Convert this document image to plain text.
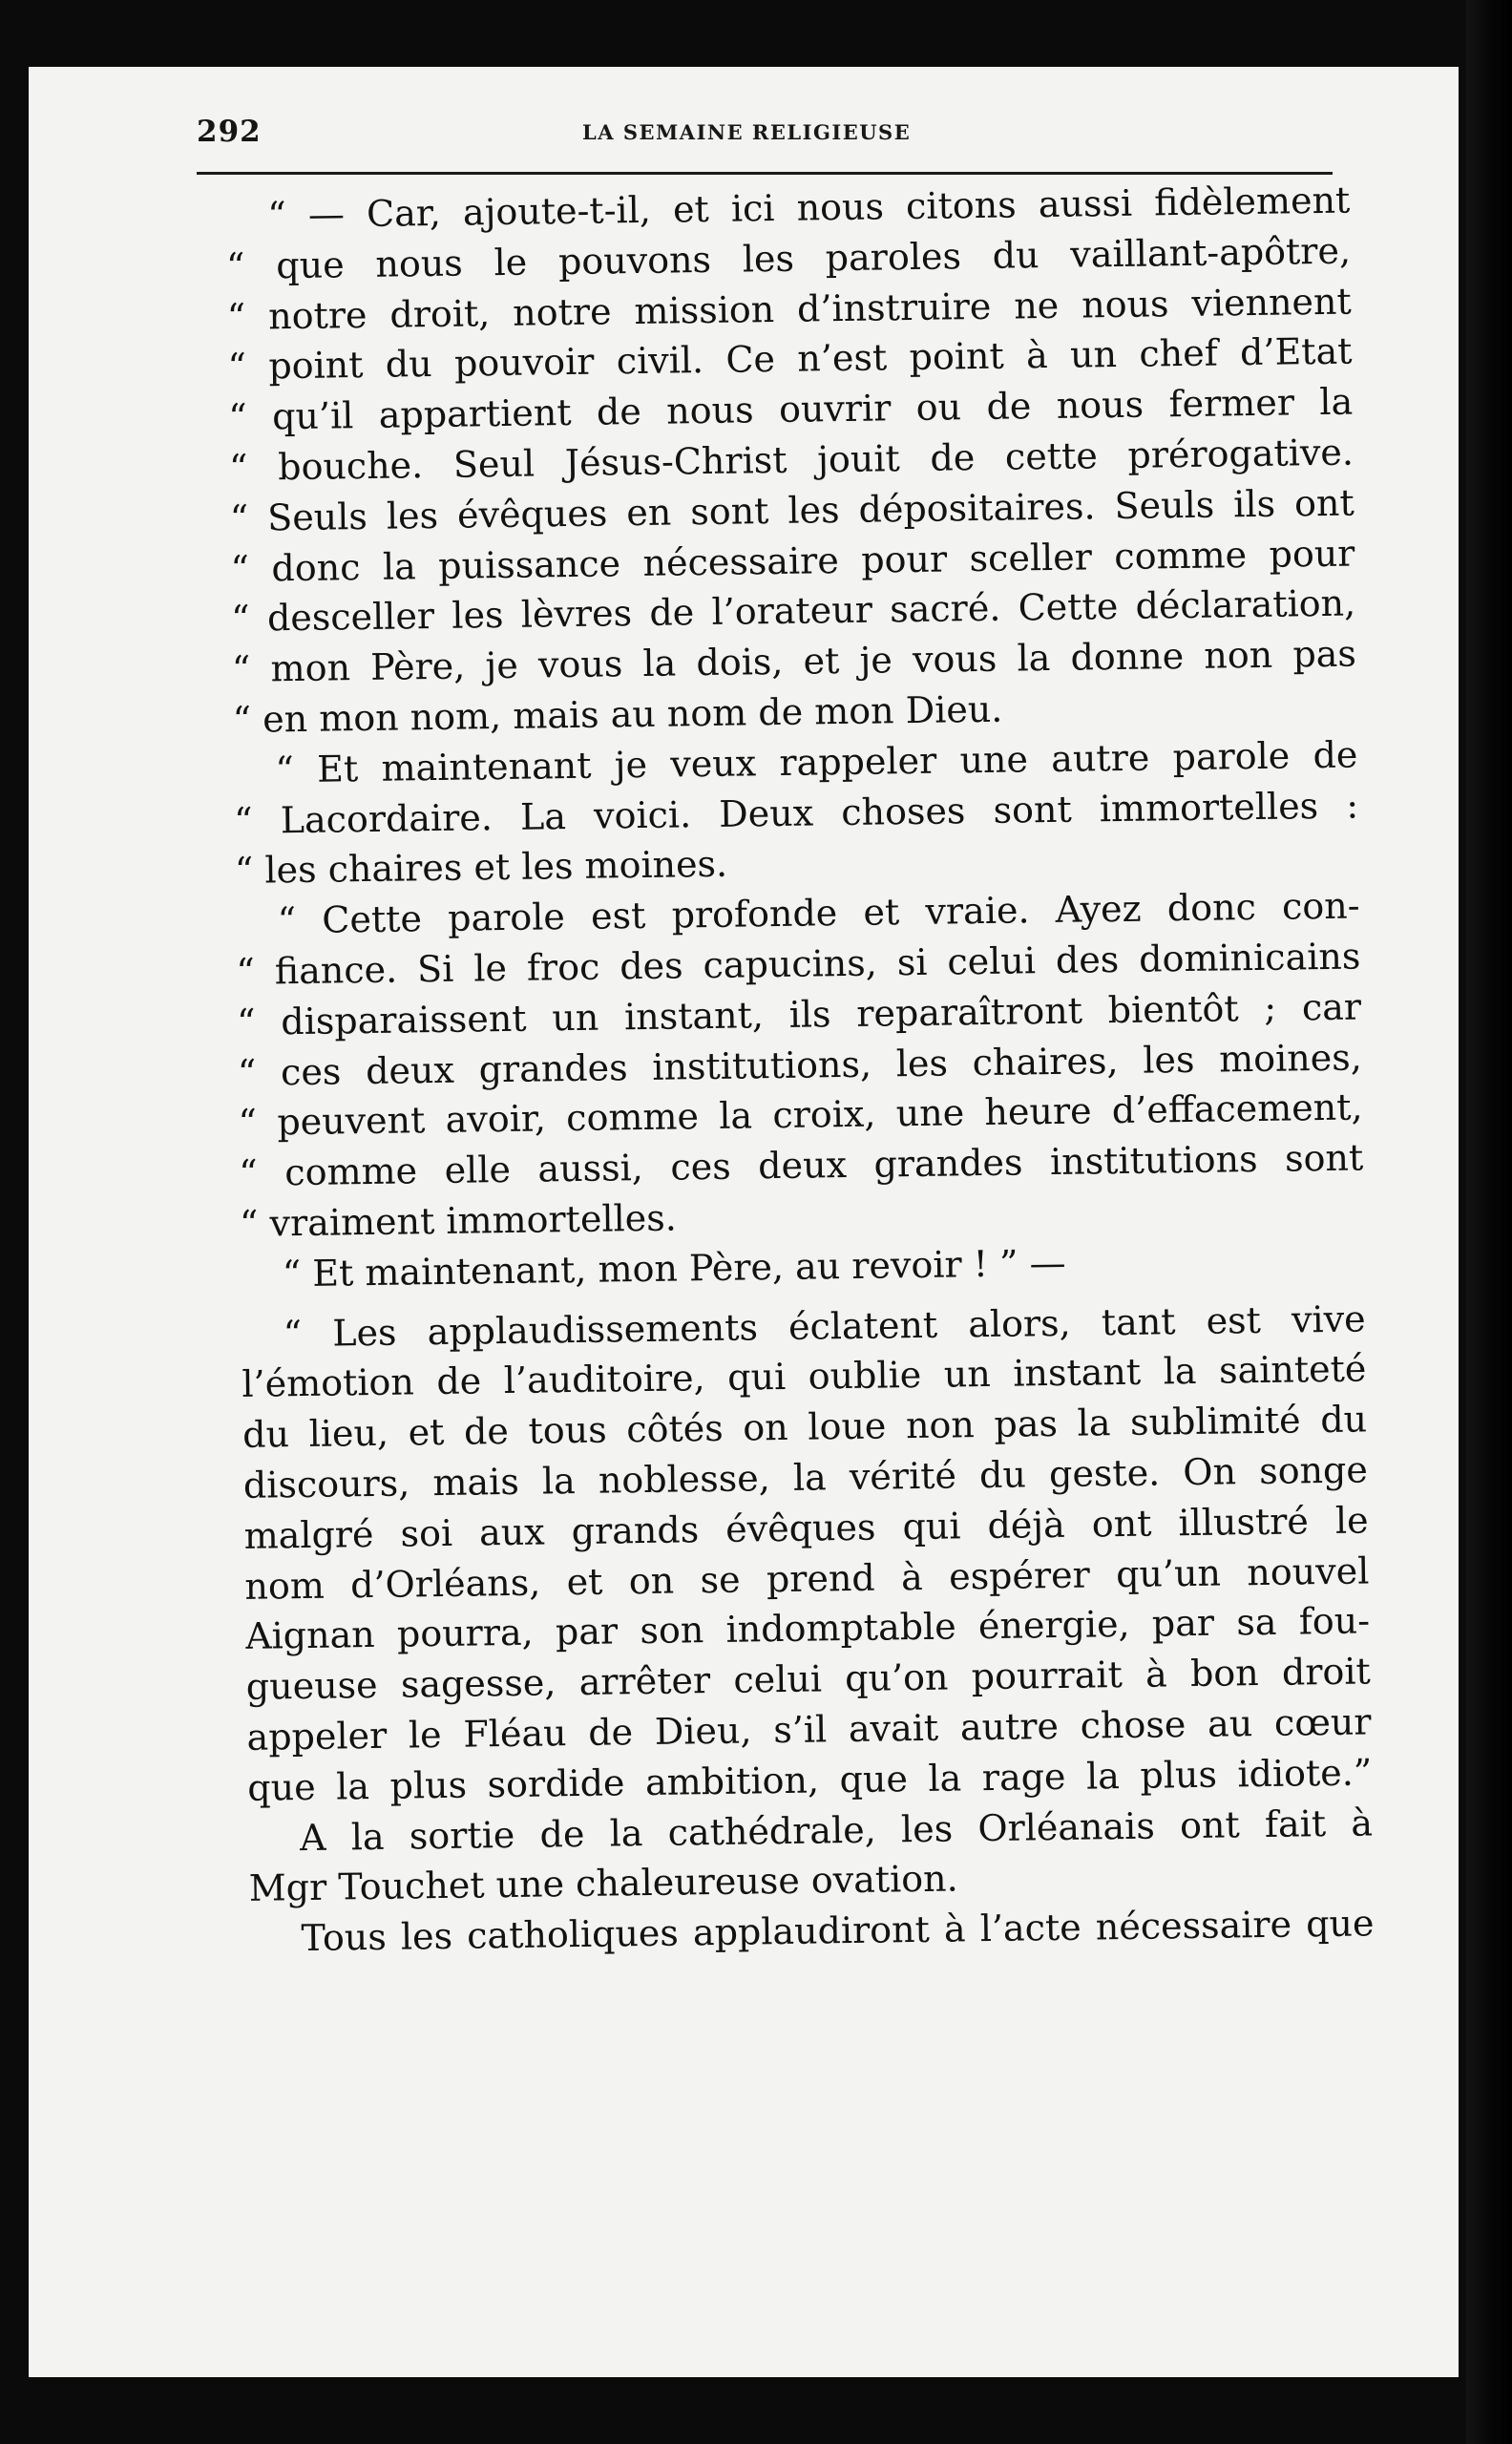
292	LA SEMAINE RELIGIEUSE
“ — Car, ajoute-t-il, et ici nous citons aussi fidèlement
“ que nous le pouvons les paroles du vaillant-apôtre,
“ notre droit, notre mission d’instruire ne nous viennent
“ point du pouvoir civil. Ce n’est point à un chef d’Etat
“ qu’il appartient de nous ouvrir ou de nous fermer la
“ bouche. Seul Jésus-Christ jouit de cette prérogative.
“ Seuls les évêques en sont les dépositaires. Seuls ils ont
“ donc la puissance nécessaire pour sceller comme pour
“ desceller les lèvres de l’orateur sacré. Cette déclaration,
“ mon Père, je vous la dois, et je vous la donne non pas
“ en mon nom, mais au nom de mon Dieu.
“ Et maintenant je veux rappeler une autre parole de
“ Lacordaire. La voici. Deux choses sont immortelles :
“ les chaires et les moines.
“ Cette parole est profonde et vraie. Ayez donc con-
“ fiance. Si le froc des capucins, si celui des dominicains
“ disparaissent un instant, ils reparaîtront bientôt ; car
“ ces deux grandes institutions, les chaires, les moines,
“ peuvent avoir, comme la croix, une heure d’effacement,
“ comme elle aussi, ces deux grandes institutions sont
“ vraiment immortelles.
“ Et maintenant, mon Père, au revoir ! ” —
“ Les applaudissements éclatent alors, tant est vive
l’émotion de l’auditoire, qui oublie un instant la sainteté
du lieu, et de tous côtés on loue non pas la sublimité du
discours, mais la noblesse, la vérité du geste. On songe
malgré soi aux grands évêques qui déjà ont illustré le
nom d’Orléans, et on se prend à espérer qu’un nouvel
Aignan pourra, par son indomptable énergie, par sa fou-
gueuse sagesse, arrêter celui qu’on pourrait à bon droit
appeler le Fléau de Dieu, s’il avait autre chose au cœur
que la plus sordide ambition, que la rage la plus idiote.”
A la sortie de la cathédrale, les Orléanais ont fait à
Mgr Touchet une chaleureuse ovation.
Tous les catholiques applaudiront à l’acte nécessaire que
